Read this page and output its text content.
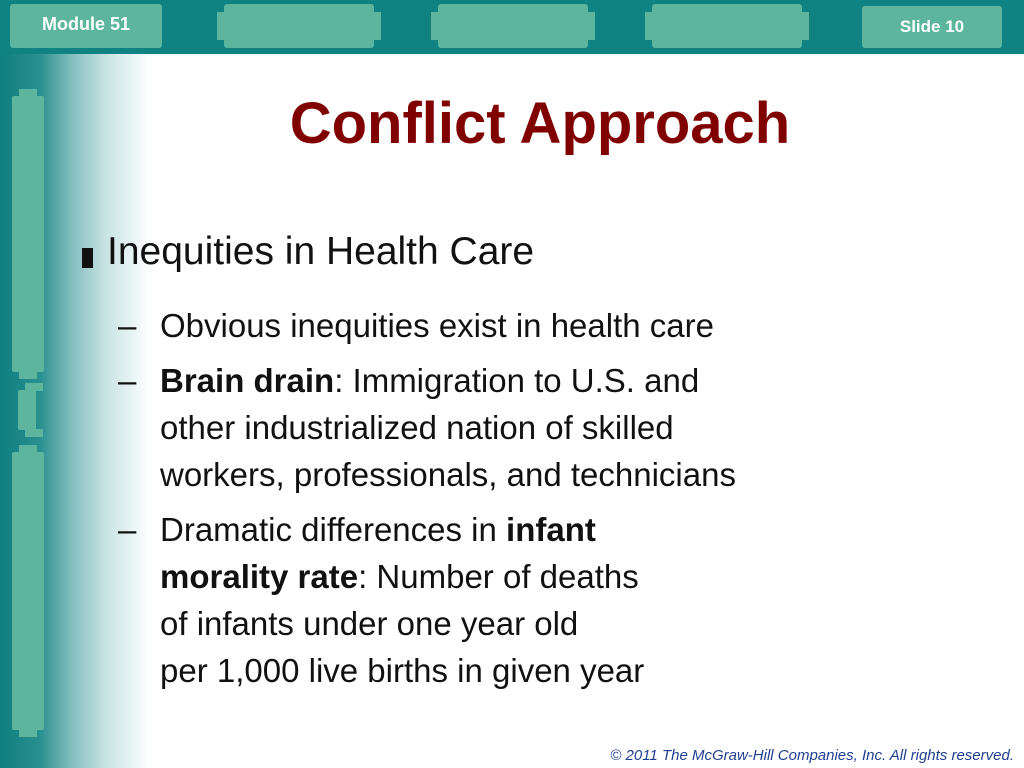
Module 51	Slide 10
Conflict Approach
Inequities in Health Care
– Obvious inequities exist in health care
– Brain drain: Immigration to U.S. and
other industrialized nation of skilled
workers, professionals, and technicians
– Dramatic differences in infant
morality rate: Number of deaths
of infants under one year old
per 1,000 live births in given year
© 2011 The McGraw-Hill Companies, Inc. All rights reserved.
